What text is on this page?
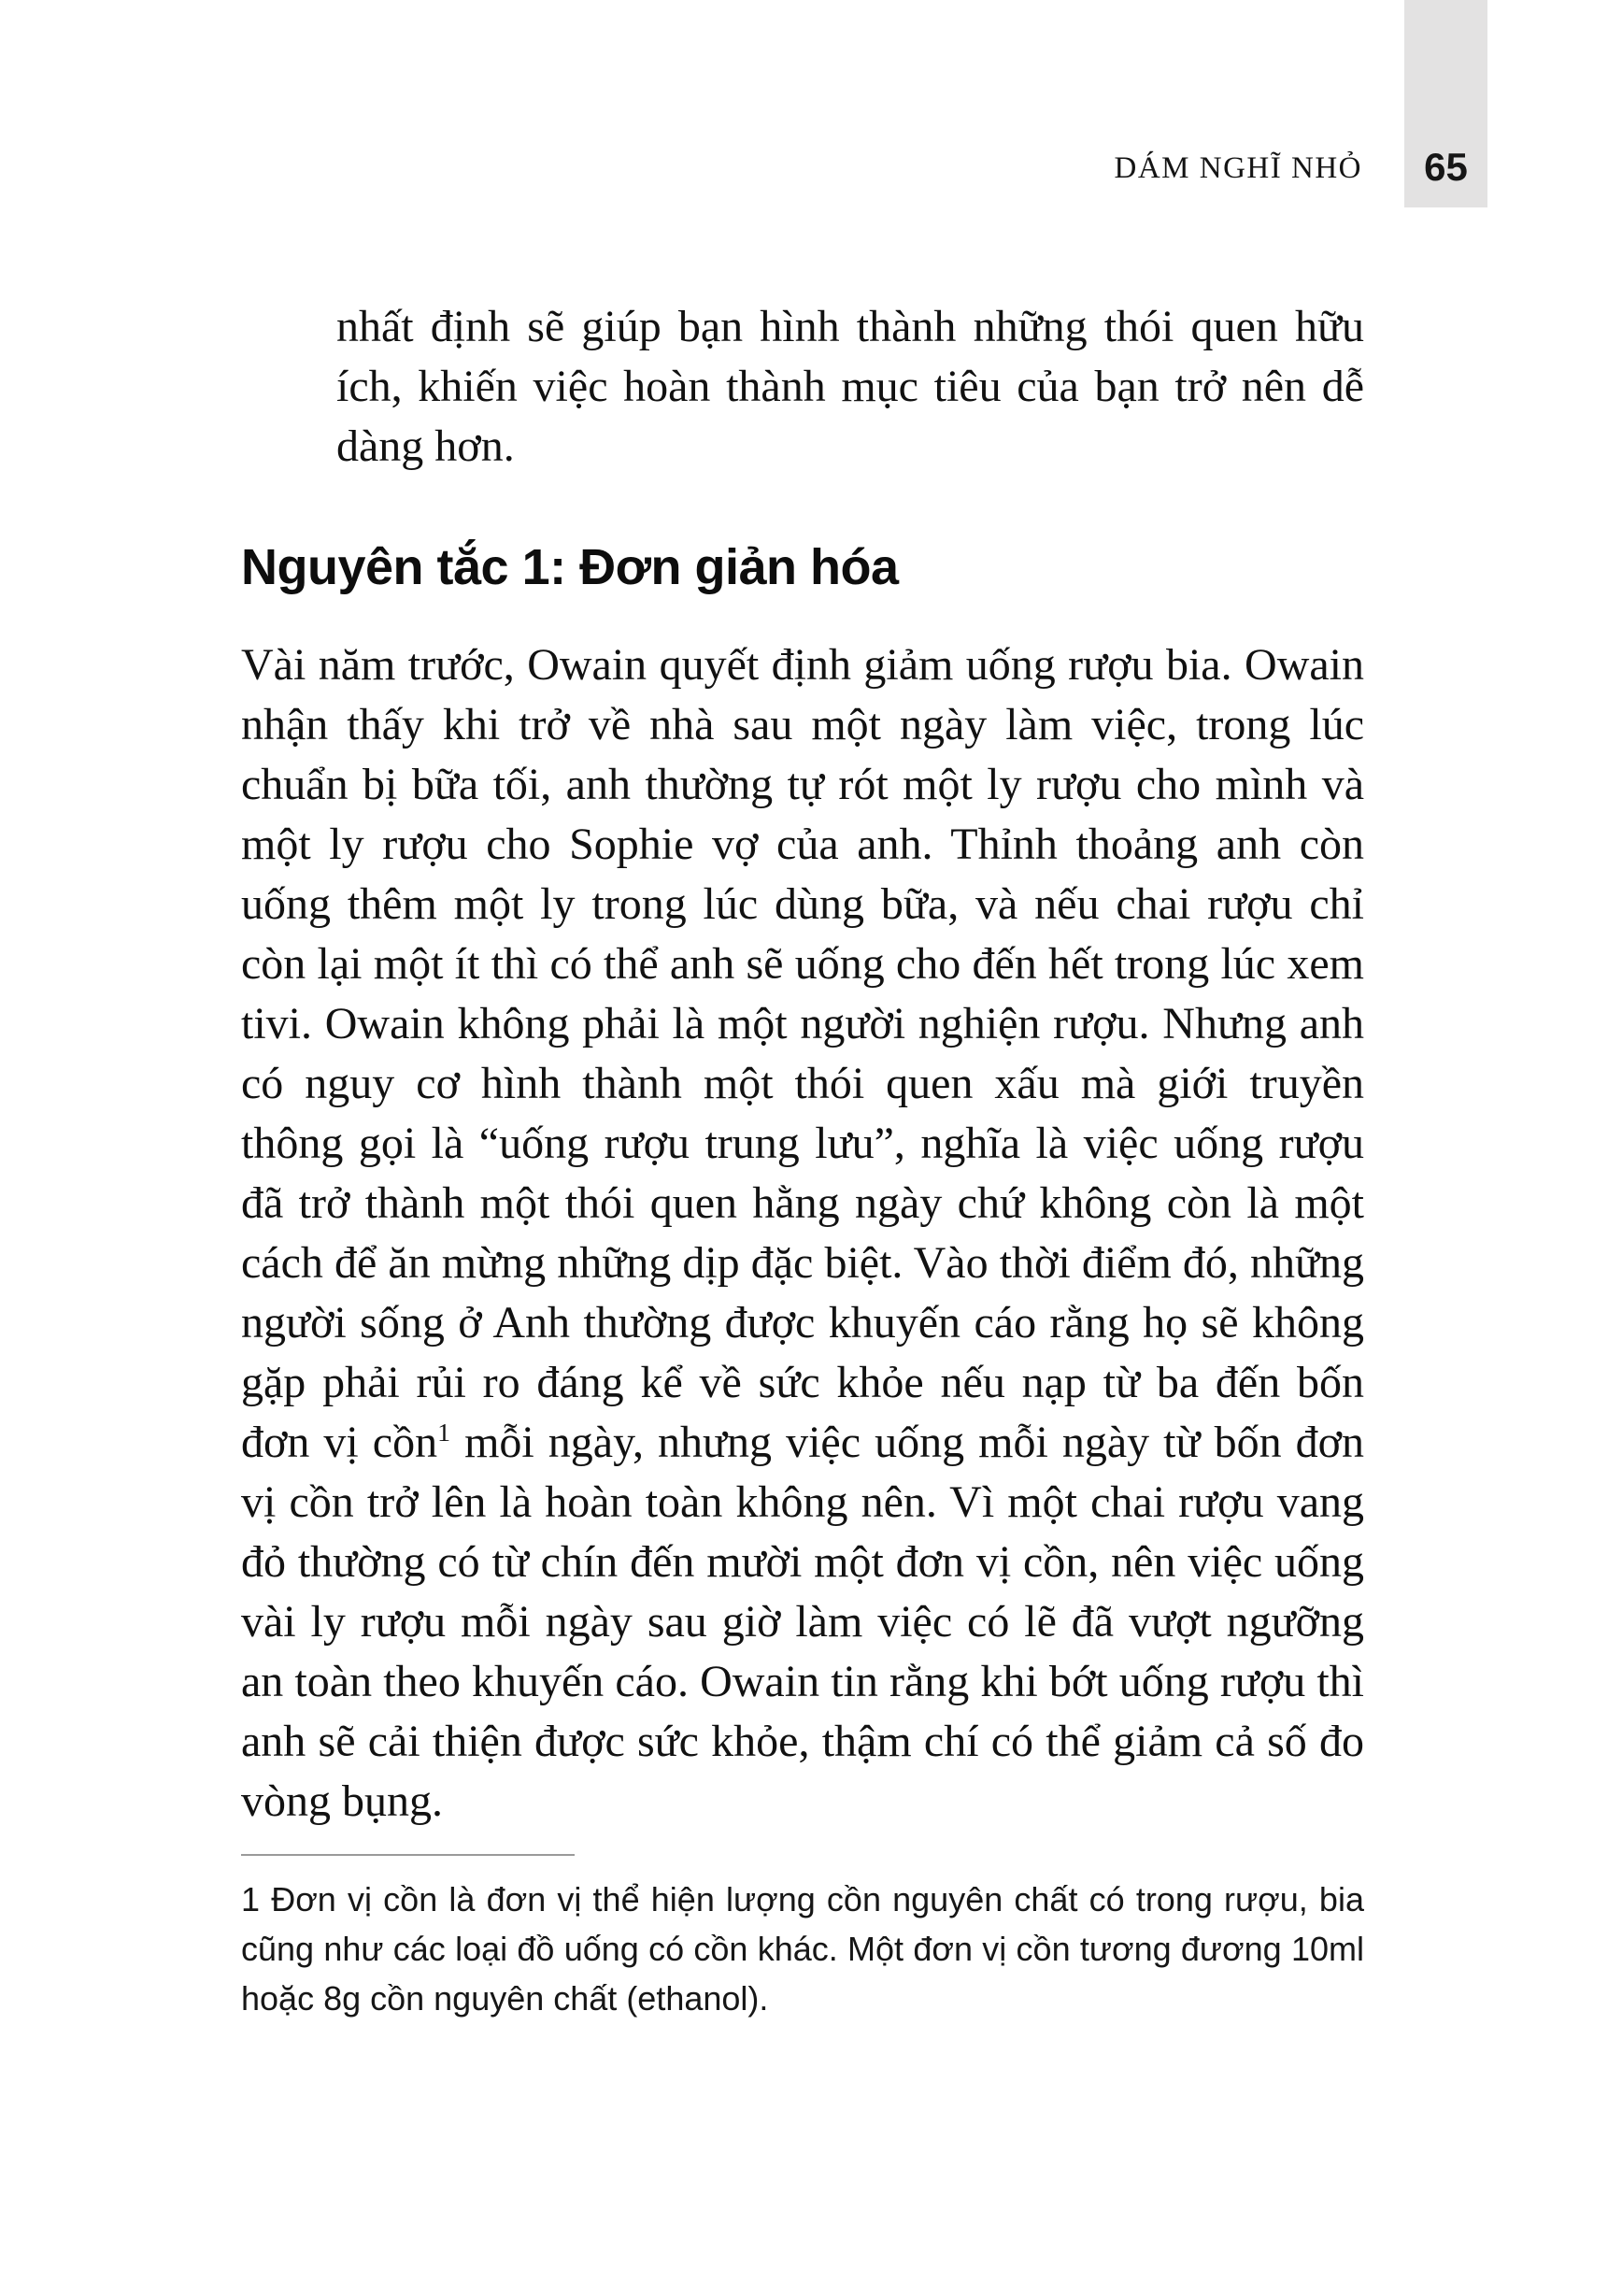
DÁM NGHĨ NHỎ 65

nhất định sẽ giúp bạn hình thành những thói quen hữu ích, khiến việc hoàn thành mục tiêu của bạn trở nên dễ dàng hơn.

Nguyên tắc 1: Đơn giản hóa

Vài năm trước, Owain quyết định giảm uống rượu bia. Owain nhận thấy khi trở về nhà sau một ngày làm việc, trong lúc chuẩn bị bữa tối, anh thường tự rót một ly rượu cho mình và một ly rượu cho Sophie vợ của anh. Thỉnh thoảng anh còn uống thêm một ly trong lúc dùng bữa, và nếu chai rượu chỉ còn lại một ít thì có thể anh sẽ uống cho đến hết trong lúc xem tivi. Owain không phải là một người nghiện rượu. Nhưng anh có nguy cơ hình thành một thói quen xấu mà giới truyền thông gọi là “uống rượu trung lưu”, nghĩa là việc uống rượu đã trở thành một thói quen hằng ngày chứ không còn là một cách để ăn mừng những dịp đặc biệt. Vào thời điểm đó, những người sống ở Anh thường được khuyến cáo rằng họ sẽ không gặp phải rủi ro đáng kể về sức khỏe nếu nạp từ ba đến bốn đơn vị cồn$^1$ mỗi ngày, nhưng việc uống mỗi ngày từ bốn đơn vị cồn trở lên là hoàn toàn không nên. Vì một chai rượu vang đỏ thường có từ chín đến mười một đơn vị cồn, nên việc uống vài ly rượu mỗi ngày sau giờ làm việc có lẽ đã vượt ngưỡng an toàn theo khuyến cáo. Owain tin rằng khi bớt uống rượu thì anh sẽ cải thiện được sức khỏe, thậm chí có thể giảm cả số đo vòng bụng.

1 Đơn vị cồn là đơn vị thể hiện lượng cồn nguyên chất có trong rượu, bia cũng như các loại đồ uống có cồn khác. Một đơn vị cồn tương đương 10ml hoặc 8g cồn nguyên chất (ethanol).
